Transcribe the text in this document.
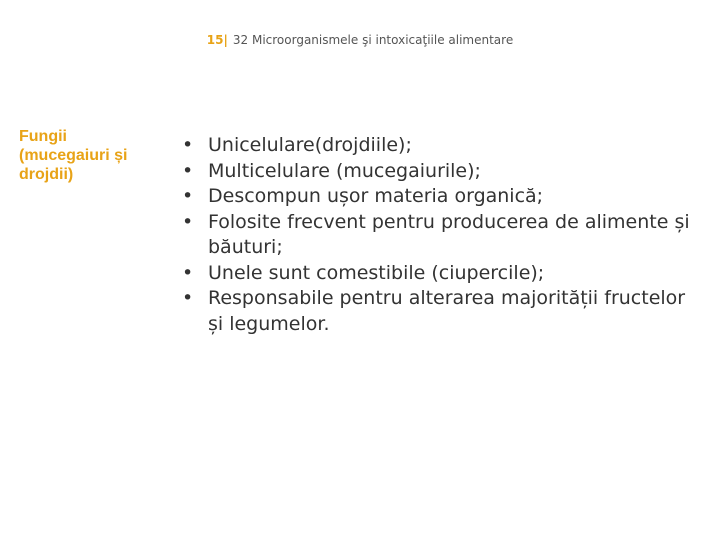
15| 32 Microorganismele şi intoxicaţiile alimentare
Fungii
(mucegaiuri și
drojdii)
• Unicelulare(drojdiile);
• Multicelulare (mucegaiurile);
• Descompun ușor materia organică;
• Folosite frecvent pentru producerea de alimente și băuturi;
• Unele sunt comestibile (ciupercile);
• Responsabile pentru alterarea majorității fructelor și legumelor.
